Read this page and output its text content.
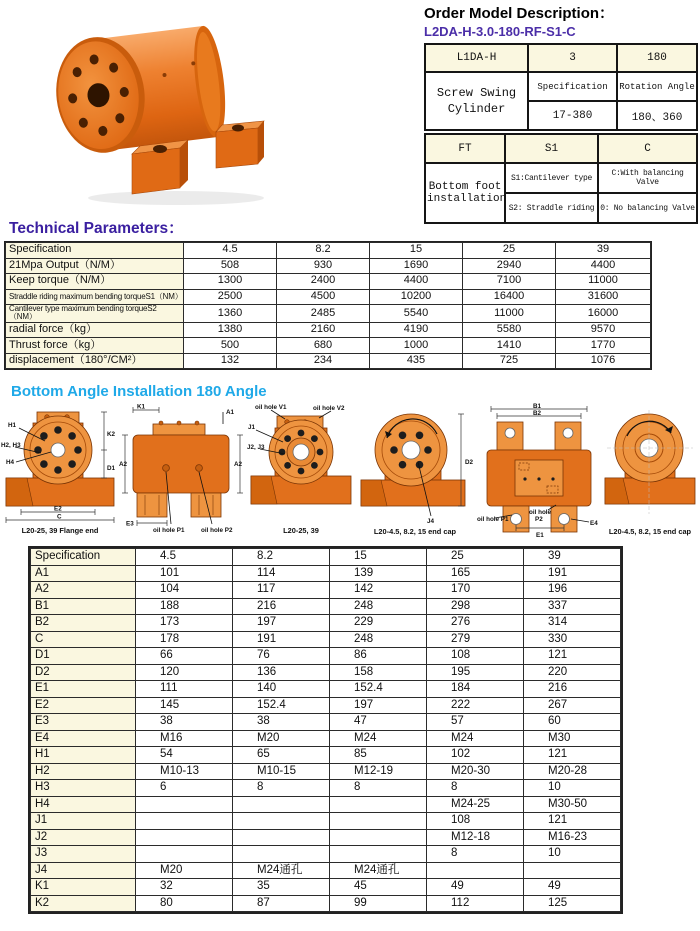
Order Model Description：
L2DA-H-3.0-180-RF-S1-C
L1DA-H	3	180
Screw Swing Cylinder	Specification	Rotation Angle
	17-380	180、360
FT	S1	C
Bottom foot installation	S1:Cantilever type	C:With balancing Valve
	S2: Straddle riding	0: No balancing Valve
Technical Parameters：
Specification	4.5	8.2	15	25	39
21Mpa Output（N/M）	508	930	1690	2940	4400
Keep torque（N/M）	1300	2400	4400	7100	11000
Straddle riding maximum bending torqueS1（NM）	2500	4500	10200	16400	31600
Cantilever type maximum bending torqueS2（NM）	1360	2485	5540	11000	16000
radial force（kg）	1380	2160	4190	5580	9570
Thrust force（kg）	500	680	1000	1410	1770
displacement（180°/CM²）	132	234	435	725	1076
Bottom Angle Installation 180 Angle
H1
H2, H3
H4
K2
D1
E2
C
L20-25, 39 Flange end
K1
A1
A2	A2
E3
oil hole P1	oil hole P2
oil hole V1	oil hole V2
J1
J2, J3
L20-25, 39
D2
J4
L20-4.5, 8.2, 15 end cap
B1
B2
oil hole P1
oil hole
P2
E1
E4
L20-4.5, 8.2, 15 end cap
Specification	4.5	8.2	15	25	39
A1	101	114	139	165	191
A2	104	117	142	170	196
B1	188	216	248	298	337
B2	173	197	229	276	314
C	178	191	248	279	330
D1	66	76	86	108	121
D2	120	136	158	195	220
E1	111	140	152.4	184	216
E2	145	152.4	197	222	267
E3	38	38	47	57	60
E4	M16	M20	M24	M24	M30
H1	54	65	85	102	121
H2	M10-13	M10-15	M12-19	M20-30	M20-28
H3	6	8	8	8	10
H4				M24-25	M30-50
J1				108	121
J2				M12-18	M16-23
J3				8	10
J4	M20	M24通孔	M24通孔		
K1	32	35	45	49	49
K2	80	87	99	112	125
